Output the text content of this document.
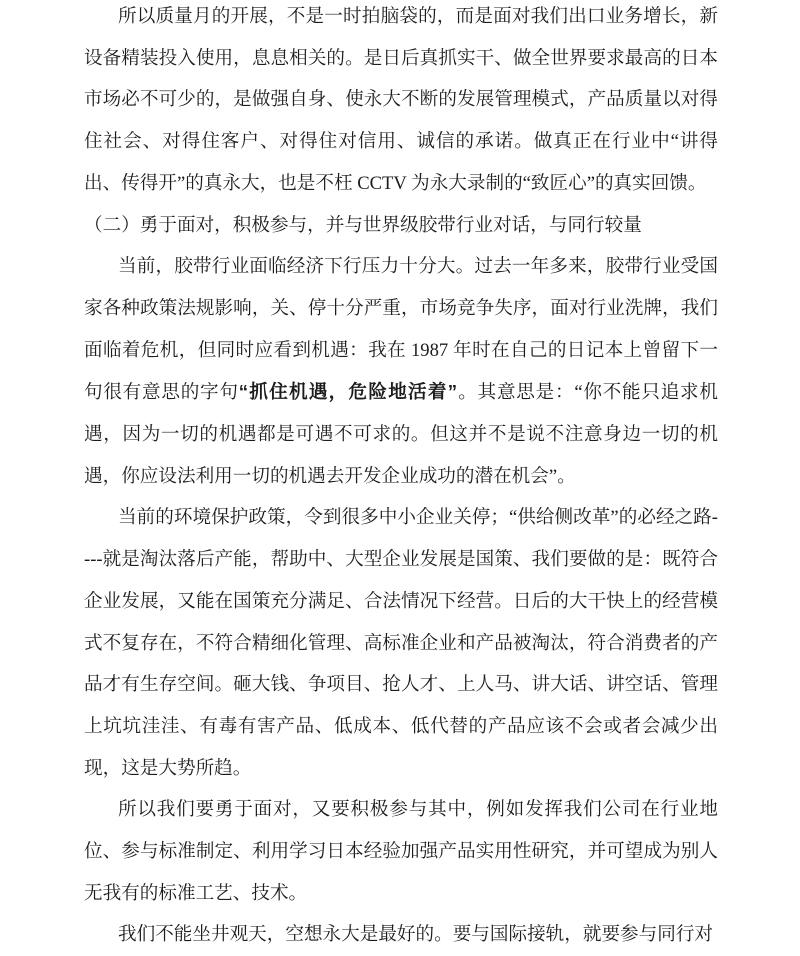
所以质量月的开展，不是一时拍脑袋的，而是面对我们出口业务增长，新设备精装投入使用，息息相关的。是日后真抓实干、做全世界要求最高的日本市场必不可少的，是做强自身、使永大不断的发展管理模式，产品质量以对得住社会、对得住客户、对得住对信用、诚信的承诺。做真正在行业中“讲得出、传得开”的真永大，也是不枉 CCTV 为永大录制的“致匠心”的真实回馈。

（二）勇于面对，积极参与，并与世界级胶带行业对话，与同行较量

当前，胶带行业面临经济下行压力十分大。过去一年多来，胶带行业受国家各种政策法规影响，关、停十分严重，市场竞争失序，面对行业洗牌，我们面临着危机，但同时应看到机遇：我在 1987 年时在自己的日记本上曾留下一句很有意思的字句“抓住机遇，危险地活着”。其意思是：“你不能只追求机遇，因为一切的机遇都是可遇不可求的。但这并不是说不注意身边一切的机遇，你应设法利用一切的机遇去开发企业成功的潜在机会”。

当前的环境保护政策，令到很多中小企业关停；“供给侧改革”的必经之路----就是淘汰落后产能，帮助中、大型企业发展是国策、我们要做的是：既符合企业发展，又能在国策充分满足、合法情况下经营。日后的大干快上的经营模式不复存在，不符合精细化管理、高标准企业和产品被淘汰，符合消费者的产品才有生存空间。砸大钱、争项目、抢人才、上人马、讲大话、讲空话、管理上坑坑洼洼、有毒有害产品、低成本、低代替的产品应该不会或者会减少出现，这是大势所趋。

所以我们要勇于面对，又要积极参与其中，例如发挥我们公司在行业地位、参与标准制定、利用学习日本经验加强产品实用性研究，并可望成为别人无我有的标准工艺、技术。

我们不能坐井观天，空想永大是最好的。要与国际接轨，就要参与同行对
